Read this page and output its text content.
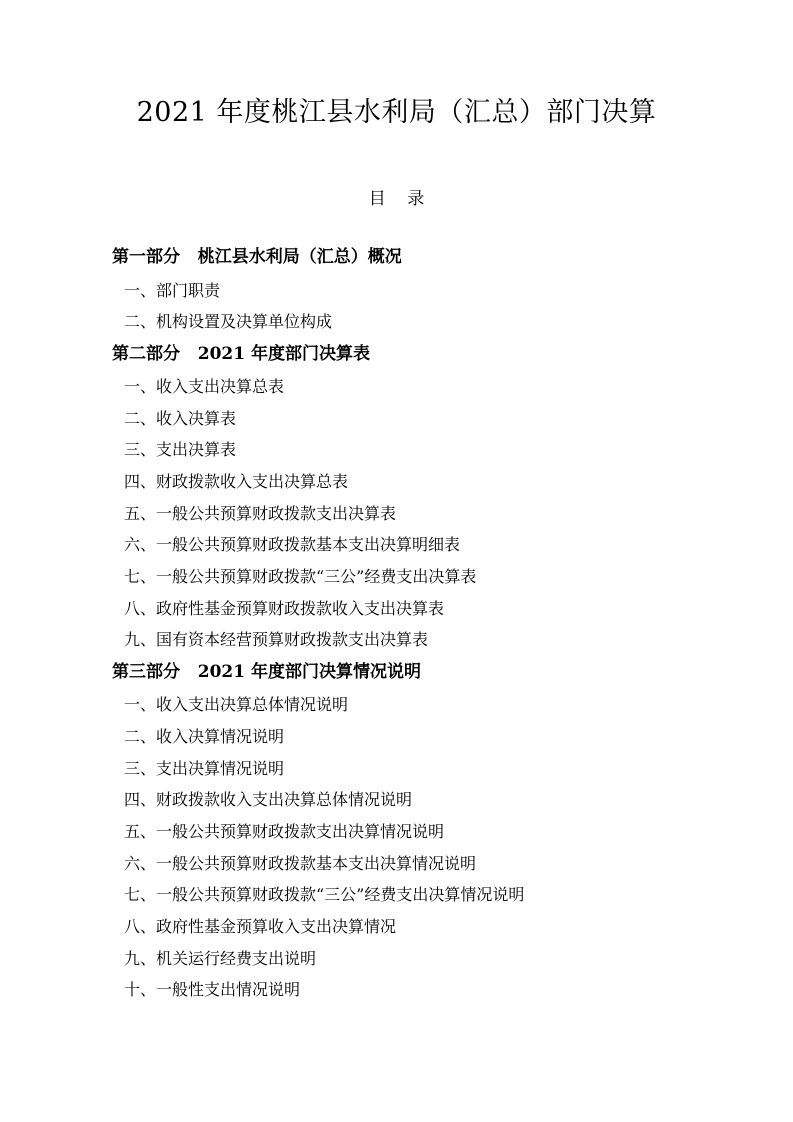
2021 年度桃江县水利局（汇总）部门决算
目 录
第一部分 桃江县水利局（汇总）概况
一、部门职责
二、机构设置及决算单位构成
第二部分 2021 年度部门决算表
一、收入支出决算总表
二、收入决算表
三、支出决算表
四、财政拨款收入支出决算总表
五、一般公共预算财政拨款支出决算表
六、一般公共预算财政拨款基本支出决算明细表
七、一般公共预算财政拨款“三公”经费支出决算表
八、政府性基金预算财政拨款收入支出决算表
九、国有资本经营预算财政拨款支出决算表
第三部分 2021 年度部门决算情况说明
一、收入支出决算总体情况说明
二、收入决算情况说明
三、支出决算情况说明
四、财政拨款收入支出决算总体情况说明
五、一般公共预算财政拨款支出决算情况说明
六、一般公共预算财政拨款基本支出决算情况说明
七、一般公共预算财政拨款“三公”经费支出决算情况说明
八、政府性基金预算收入支出决算情况
九、机关运行经费支出说明
十、一般性支出情况说明
